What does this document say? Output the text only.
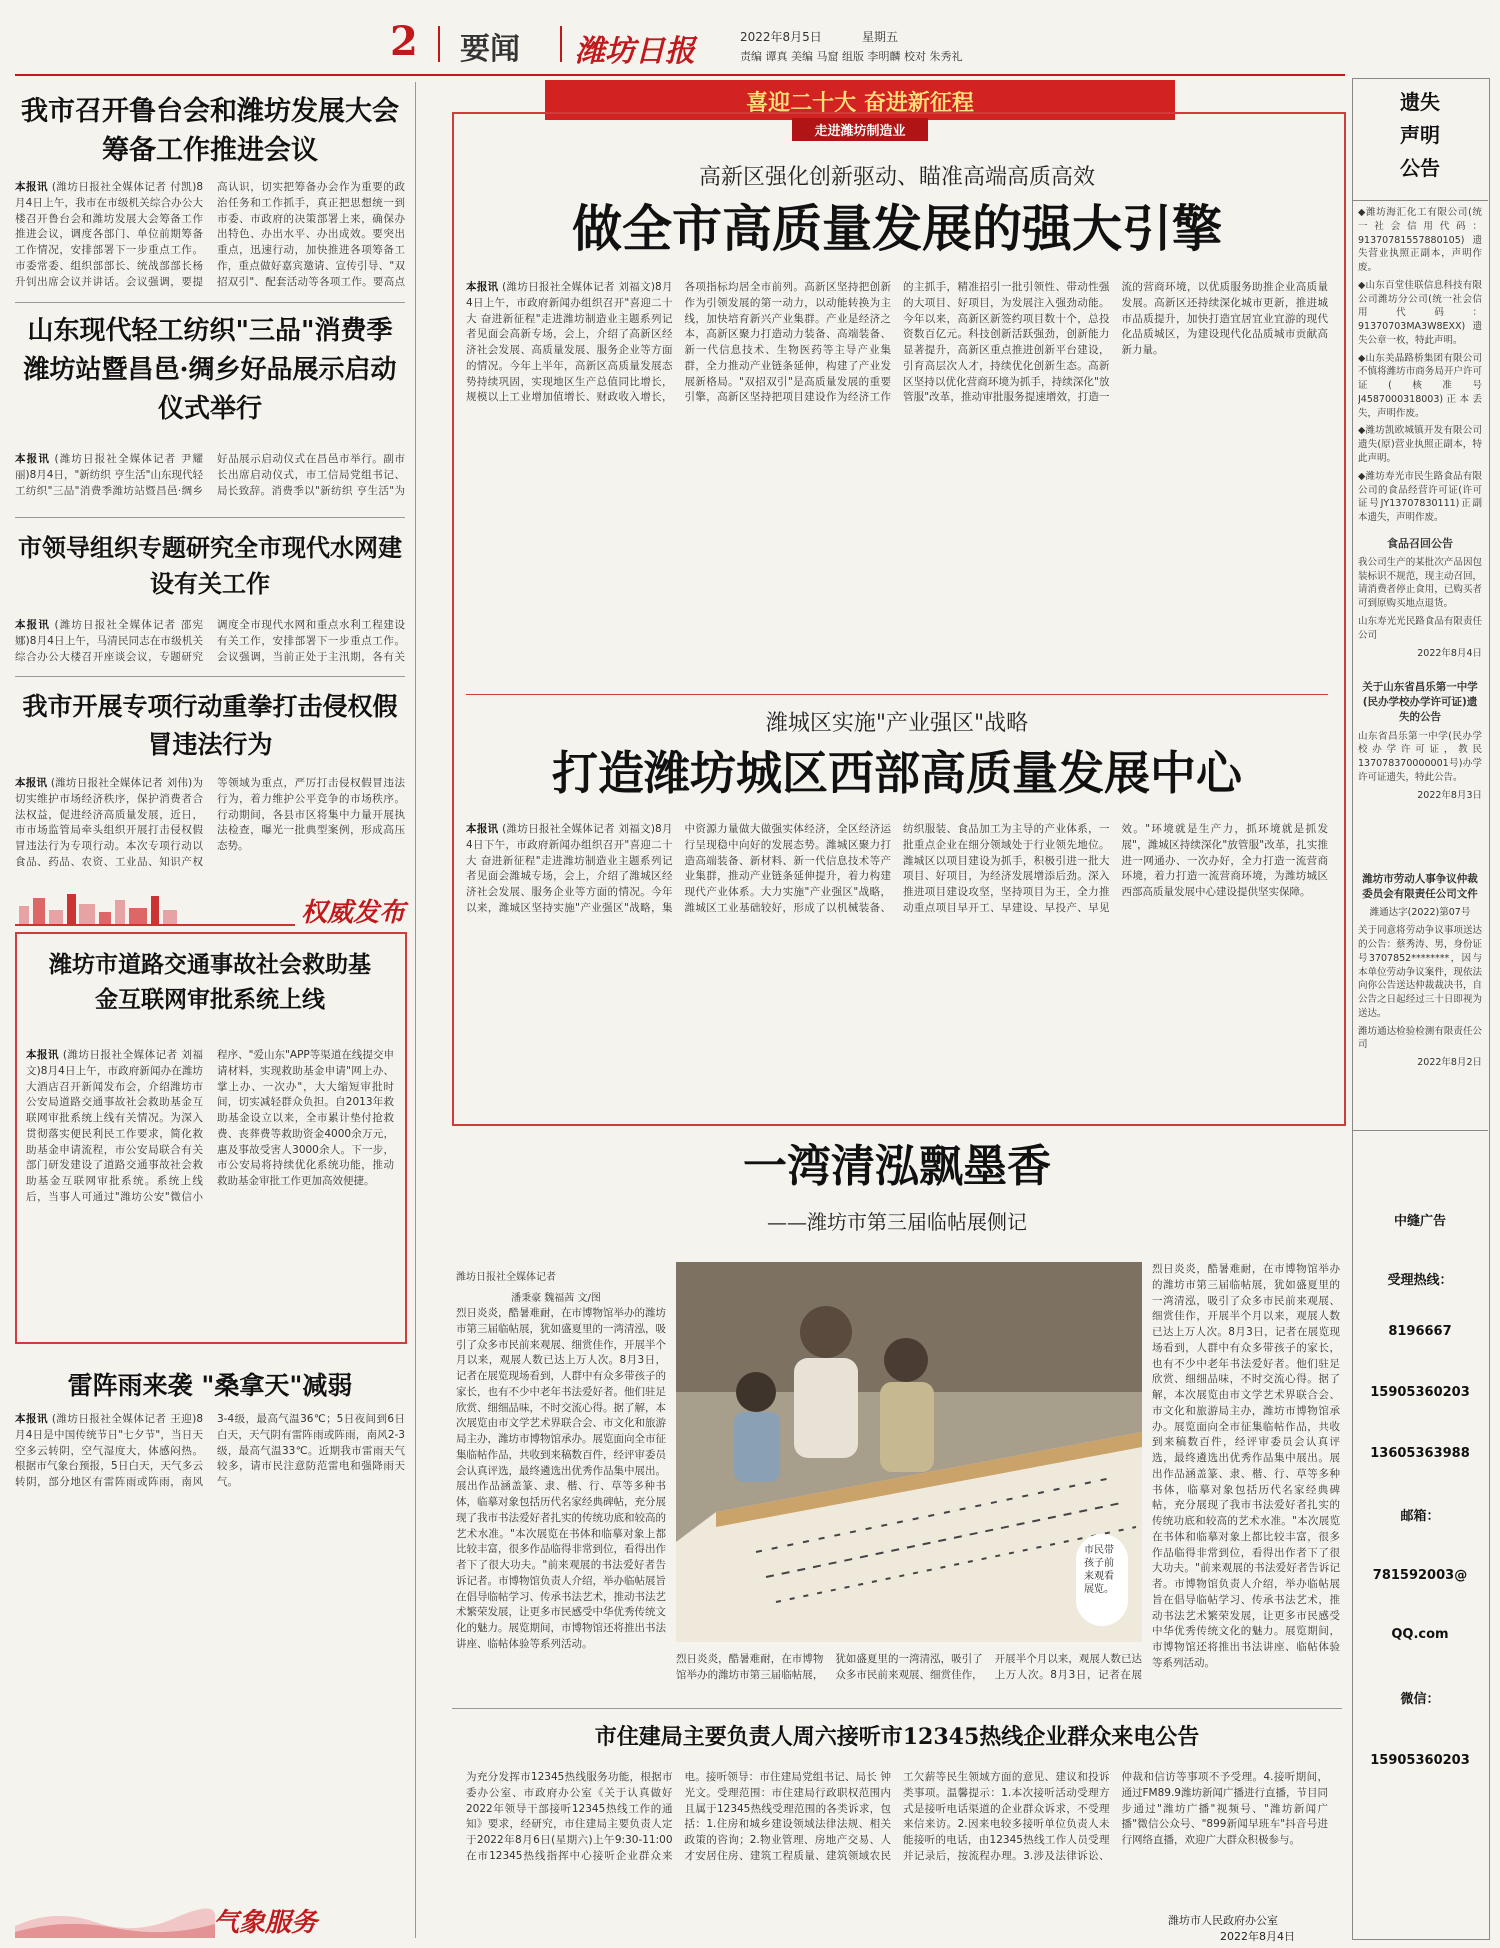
2 要闻 潍坊日报	2022年8月5日	星期五
责编 谭真 美编 马窟 组版 李明麟 校对 朱秀礼
我市召开鲁台会和潍坊发展大会筹备工作推进会议
本报讯 (潍坊日报社全媒体记者 付凯)8月4日上午，我市在市级机关综合办公大楼召开鲁台会和潍坊发展大会筹备工作推进会议，调度各部门、单位前期筹备工作情况，安排部署下一步重点工作。市委常委、组织部部长、统战部部长杨升钊出席会议并讲话。会议强调，要提高认识，切实把筹备办会作为重要的政治任务和工作抓手，真正把思想统一到市委、市政府的决策部署上来，确保办出特色、办出水平、办出成效。要突出重点，迅速行动，加快推进各项筹备工作，重点做好嘉宾邀请、宣传引导、"双招双引"、配套活动等各项工作。要高点
山东现代轻工纺织"三品"消费季潍坊站暨昌邑·绸乡好品展示启动仪式举行
本报讯 (潍坊日报社全媒体记者 尹耀丽)8月4日，"新纺织 亨生活"山东现代轻工纺织"三品"消费季潍坊站暨昌邑·绸乡好品展示启动仪式在昌邑市举行。副市长出席启动仪式，市工信局党组书记、局长致辞。消费季以"新纺织 亨生活"为
市领导组织专题研究全市现代水网建设有关工作
本报讯 (潍坊日报社全媒体记者 邵宪娜)8月4日上午，马清民同志在市级机关综合办公大楼召开座谈会议，专题研究调度全市现代水网和重点水利工程建设有关工作，安排部署下一步重点工作。会议强调，当前正处于主汛期，各有关
我市开展专项行动重拳打击侵权假冒违法行为
本报讯 (潍坊日报社全媒体记者 刘伟)为切实维护市场经济秩序，保护消费者合法权益，促进经济高质量发展，近日，市市场监管局牵头组织开展打击侵权假冒违法行为专项行动。本次专项行动以食品、药品、农资、工业品、知识产权等领域为重点，严厉打击侵权假冒违法行为，着力维护公平竞争的市场秩序。行动期间，各县市区将集中力量开展执法检查，曝光一批典型案例，形成高压态势。
权威发布
潍坊市道路交通事故社会救助基金互联网审批系统上线
本报讯 (潍坊日报社全媒体记者 刘福文)8月4日上午，市政府新闻办在潍坊大酒店召开新闻发布会，介绍潍坊市公安局道路交通事故社会救助基金互联网审批系统上线有关情况。为深入贯彻落实便民利民工作要求，简化救助基金申请流程，市公安局联合有关部门研发建设了道路交通事故社会救助基金互联网审批系统。系统上线后，当事人可通过"潍坊公安"微信小程序、"爱山东"APP等渠道在线提交申请材料，实现救助基金申请"网上办、掌上办、一次办"，大大缩短审批时间，切实减轻群众负担。自2013年救助基金设立以来，全市累计垫付抢救费、丧葬费等救助资金4000余万元，惠及事故受害人3000余人。下一步，市公安局将持续优化系统功能，推动救助基金审批工作更加高效便捷。
雷阵雨来袭 "桑拿天"减弱
本报讯 (潍坊日报社全媒体记者 王迎)8月4日是中国传统节日"七夕节"，当日天空多云转阴，空气湿度大，体感闷热。根据市气象台预报，5日白天，天气多云转阴，部分地区有雷阵雨或阵雨，南风3-4级，最高气温36℃；5日夜间到6日白天，天气阴有雷阵雨或阵雨，南风2-3级，最高气温33℃。近期我市雷雨天气较多，请市民注意防范雷电和强降雨天气。
气象服务
喜迎二十大 奋进新征程
走进潍坊制造业
高新区强化创新驱动、瞄准高端高质高效
做全市高质量发展的强大引擎
本报讯 (潍坊日报社全媒体记者 刘福文)8月4日上午，市政府新闻办组织召开"喜迎二十大 奋进新征程"走进潍坊制造业主题系列记者见面会高新专场，会上，介绍了高新区经济社会发展、高质量发展、服务企业等方面的情况。今年上半年，高新区高质量发展态势持续巩固，实现地区生产总值同比增长，规模以上工业增加值增长、财政收入增长，各项指标均居全市前列。高新区坚持把创新作为引领发展的第一动力，以动能转换为主线，加快培育新兴产业集群。产业是经济之本，高新区聚力打造动力装备、高端装备、新一代信息技术、生物医药等主导产业集群，全力推动产业链条延伸，构建了产业发展新格局。"双招双引"是高质量发展的重要引擎，高新区坚持把项目建设作为经济工作的主抓手，精准招引一批引领性、带动性强的大项目、好项目，为发展注入强劲动能。今年以来，高新区新签约项目数十个，总投资数百亿元。科技创新活跃强劲，创新能力显著提升，高新区重点推进创新平台建设，引育高层次人才，持续优化创新生态。高新区坚持以优化营商环境为抓手，持续深化"放管服"改革，推动审批服务提速增效，打造一流的营商环境，以优质服务助推企业高质量发展。高新区还持续深化城市更新，推进城市品质提升，加快打造宜居宜业宜游的现代化品质城区，为建设现代化品质城市贡献高新力量。
潍城区实施"产业强区"战略
打造潍坊城区西部高质量发展中心
本报讯 (潍坊日报社全媒体记者 刘福文)8月4日下午，市政府新闻办组织召开"喜迎二十大 奋进新征程"走进潍坊制造业主题系列记者见面会潍城专场，会上，介绍了潍城区经济社会发展、服务企业等方面的情况。今年以来，潍城区坚持实施"产业强区"战略，集中资源力量做大做强实体经济，全区经济运行呈现稳中向好的发展态势。潍城区聚力打造高端装备、新材料、新一代信息技术等产业集群，推动产业链条延伸提升，着力构建现代产业体系。大力实施"产业强区"战略，潍城区工业基础较好，形成了以机械装备、纺织服装、食品加工为主导的产业体系，一批重点企业在细分领域处于行业领先地位。潍城区以项目建设为抓手，积极引进一批大项目、好项目，为经济发展增添后劲。深入推进项目建设攻坚，坚持项目为王，全力推动重点项目早开工、早建设、早投产、早见效。"环境就是生产力，抓环境就是抓发展"，潍城区持续深化"放管服"改革，扎实推进一网通办、一次办好，全力打造一流营商环境，着力打造一流营商环境，为潍坊城区西部高质量发展中心建设提供坚实保障。
一湾清泓飘墨香
——潍坊市第三届临帖展侧记
潍坊日报社全媒体记者

潘秉豪 魏福茜 文/图
烈日炎炎，酷暑难耐，在市博物馆举办的潍坊市第三届临帖展，犹如盛夏里的一湾清泓，吸引了众多市民前来观展、细赏佳作，开展半个月以来，观展人数已达上万人次。8月3日，记者在展览现场看到，人群中有众多带孩子的家长，也有不少中老年书法爱好者。他们驻足欣赏、细细品味，不时交流心得。据了解，本次展览由市文学艺术界联合会、市文化和旅游局主办，潍坊市博物馆承办。展览面向全市征集临帖作品，共收到来稿数百件，经评审委员会认真评选，最终遴选出优秀作品集中展出。展出作品涵盖篆、隶、楷、行、草等多种书体，临摹对象包括历代名家经典碑帖，充分展现了我市书法爱好者扎实的传统功底和较高的艺术水准。"本次展览在书体和临摹对象上都比较丰富，很多作品临得非常到位，看得出作者下了很大功夫。"前来观展的书法爱好者告诉记者。市博物馆负责人介绍，举办临帖展旨在倡导临帖学习、传承书法艺术，推动书法艺术繁荣发展，让更多市民感受中华优秀传统文化的魅力。展览期间，市博物馆还将推出书法讲座、临帖体验等系列活动。
市民带孩子前来观看展览。
烈日炎炎，酷暑难耐，在市博物馆举办的潍坊市第三届临帖展，犹如盛夏里的一湾清泓，吸引了众多市民前来观展、细赏佳作，开展半个月以来，观展人数已达上万人次。8月3日，记者在展
烈日炎炎，酷暑难耐，在市博物馆举办的潍坊市第三届临帖展，犹如盛夏里的一湾清泓，吸引了众多市民前来观展、细赏佳作，开展半个月以来，观展人数已达上万人次。8月3日，记者在展览现场看到，人群中有众多带孩子的家长，也有不少中老年书法爱好者。他们驻足欣赏、细细品味，不时交流心得。据了解，本次展览由市文学艺术界联合会、市文化和旅游局主办，潍坊市博物馆承办。展览面向全市征集临帖作品，共收到来稿数百件，经评审委员会认真评选，最终遴选出优秀作品集中展出。展出作品涵盖篆、隶、楷、行、草等多种书体，临摹对象包括历代名家经典碑帖，充分展现了我市书法爱好者扎实的传统功底和较高的艺术水准。"本次展览在书体和临摹对象上都比较丰富，很多作品临得非常到位，看得出作者下了很大功夫。"前来观展的书法爱好者告诉记者。市博物馆负责人介绍，举办临帖展旨在倡导临帖学习、传承书法艺术，推动书法艺术繁荣发展，让更多市民感受中华优秀传统文化的魅力。展览期间，市博物馆还将推出书法讲座、临帖体验等系列活动。
市住建局主要负责人周六接听市12345热线企业群众来电公告
为充分发挥市12345热线服务功能，根据市委办公室、市政府办公室《关于认真做好2022年领导干部接听12345热线工作的通知》要求，经研究，市住建局主要负责人定于2022年8月6日(星期六)上午9:30-11:00在市12345热线指挥中心接听企业群众来电。接听领导：市住建局党组书记、局长 钟光文。受理范围：市住建局行政职权范围内且属于12345热线受理范围的各类诉求，包括：1.住房和城乡建设领域法律法规、相关政策的咨询；2.物业管理、房地产交易、人才安居住房、建筑工程质量、建筑领域农民工欠薪等民生领域方面的意见、建议和投诉类事项。温馨提示：1.本次接听活动受理方式是接听电话渠道的企业群众诉求，不受理来信来访。2.因来电较多接听单位负责人未能接听的电话，由12345热线工作人员受理并记录后，按流程办理。3.涉及法律诉讼、仲裁和信访等事项不予受理。4.接听期间，通过FM89.9潍坊新闻广播进行直播，节目同步通过"潍坊广播"视频号、"潍坊新闻广播"微信公众号、"899新闻早班车"抖音号进行网络直播，欢迎广大群众积极参与。
潍坊市人民政府办公室
2022年8月4日
遗失
声明
公告

◆潍坊海汇化工有限公司(统一社会信用代码：91370781557880105)遗失营业执照正副本，声明作废。

◆山东百堂佳联信息科技有限公司潍坊分公司(统一社会信用代码：91370703MA3W8EXX)遗失公章一枚，特此声明。

◆山东美晶路桥集团有限公司不慎将潍坊市商务局开户许可证(核准号J4587000318003)正本丢失，声明作废。

◆潍坊凯欧城镇开发有限公司遗失(原)营业执照正副本，特此声明。

◆潍坊寿光市民生路食品有限公司的食品经营许可证(许可证号JY13707830111)正副本遗失，声明作废。

食品召回公告

我公司生产的某批次产品因包装标识不规范，现主动召回，请消费者停止食用，已购买者可到原购买地点退货。

山东寿光光民路食品有限责任公司

2022年8月4日

关于山东省昌乐第一中学(民办学校办学许可证)遗失的公告

山东省昌乐第一中学(民办学校办学许可证，教民137078370000001号)办学许可证遗失，特此公告。

2022年8月3日

潍坊市劳动人事争议仲裁委员会有限责任公司文件

潍通达字(2022)第07号

关于同意将劳动争议事项送达的公告：蔡秀涛、男，身份证号3707852********，因与本单位劳动争议案件，现依法向你公告送达仲裁裁决书，自公告之日起经过三十日即视为送达。

潍坊通达检验检测有限责任公司

2022年8月2日

中缝广告
受理热线：
8196667
15905360203
13605363988
邮箱：
781592003@
QQ.com
微信：
15905360203
